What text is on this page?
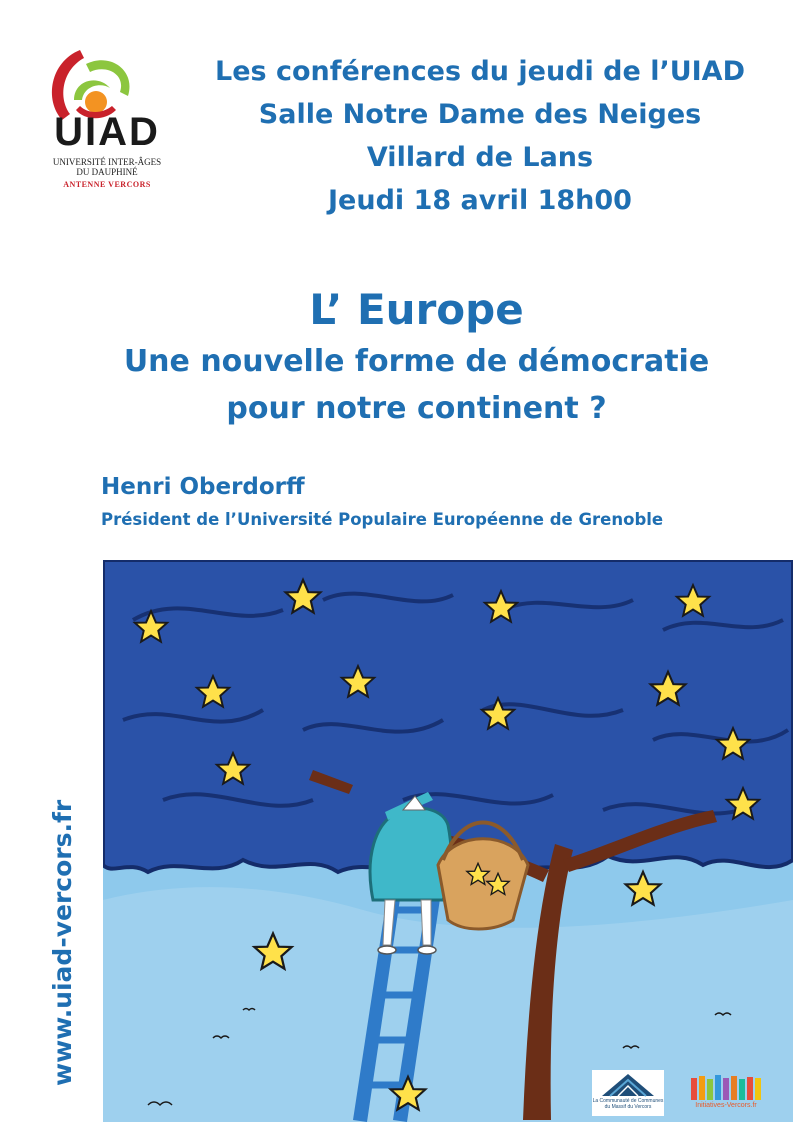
UIAD
UNIVERSITÉ INTER-ÂGES
DU DAUPHINÉ
ANTENNE VERCORS
Les conférences du jeudi de l’UIAD
Salle Notre Dame des Neiges
Villard de Lans
Jeudi 18 avril 18h00
L’ Europe
Une nouvelle forme de démocratie
pour notre continent ?
Henri Oberdorff
Président de l’Université Populaire Européenne de Grenoble
www.uiad-vercors.fr
La Communauté de Communes du Massif du Vercors	Initiatives-Vercors.fr
